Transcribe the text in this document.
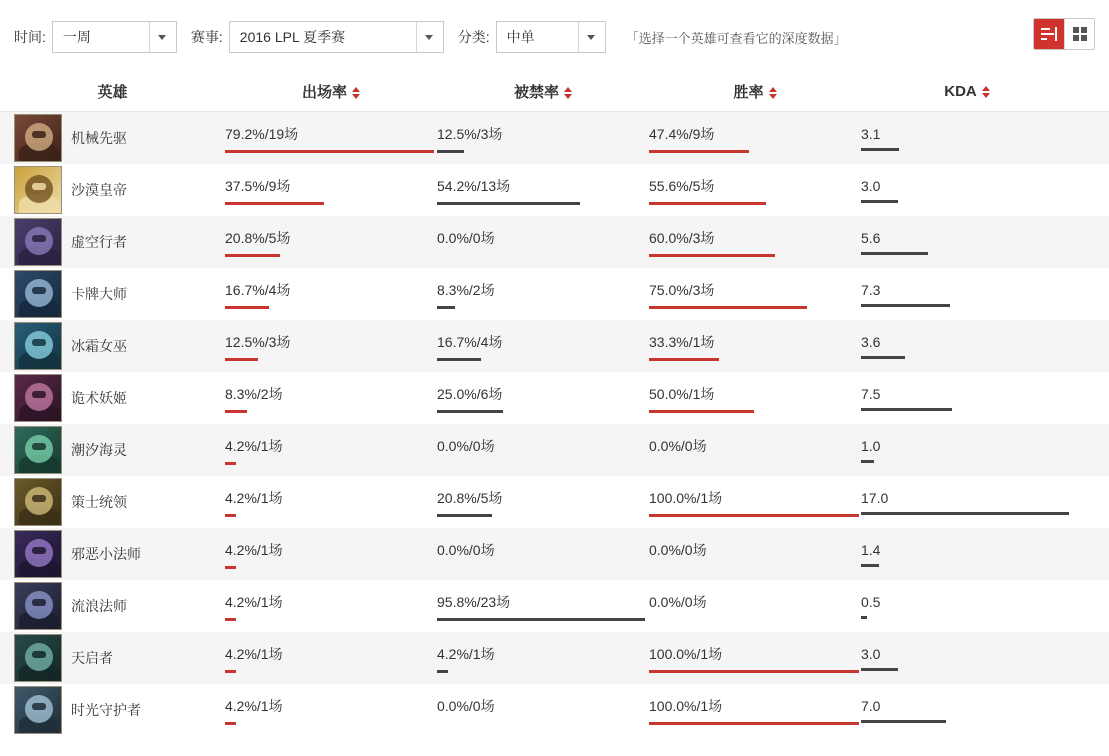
时间: 一周	赛事: 2016 LPL 夏季赛	分类: 中单	「选择一个英雄可查看它的深度数据」
英雄	出场率	被禁率	胜率	KDA
机械先驱	79.2%/19场	12.5%/3场	47.4%/9场	3.1
沙漠皇帝	37.5%/9场	54.2%/13场	55.6%/5场	3.0
虚空行者	20.8%/5场	0.0%/0场	60.0%/3场	5.6
卡牌大师	16.7%/4场	8.3%/2场	75.0%/3场	7.3
冰霜女巫	12.5%/3场	16.7%/4场	33.3%/1场	3.6
诡术妖姬	8.3%/2场	25.0%/6场	50.0%/1场	7.5
潮汐海灵	4.2%/1场	0.0%/0场	0.0%/0场	1.0
策士统领	4.2%/1场	20.8%/5场	100.0%/1场	17.0
邪恶小法师	4.2%/1场	0.0%/0场	0.0%/0场	1.4
流浪法师	4.2%/1场	95.8%/23场	0.0%/0场	0.5
天启者	4.2%/1场	4.2%/1场	100.0%/1场	3.0
时光守护者	4.2%/1场	0.0%/0场	100.0%/1场	7.0
